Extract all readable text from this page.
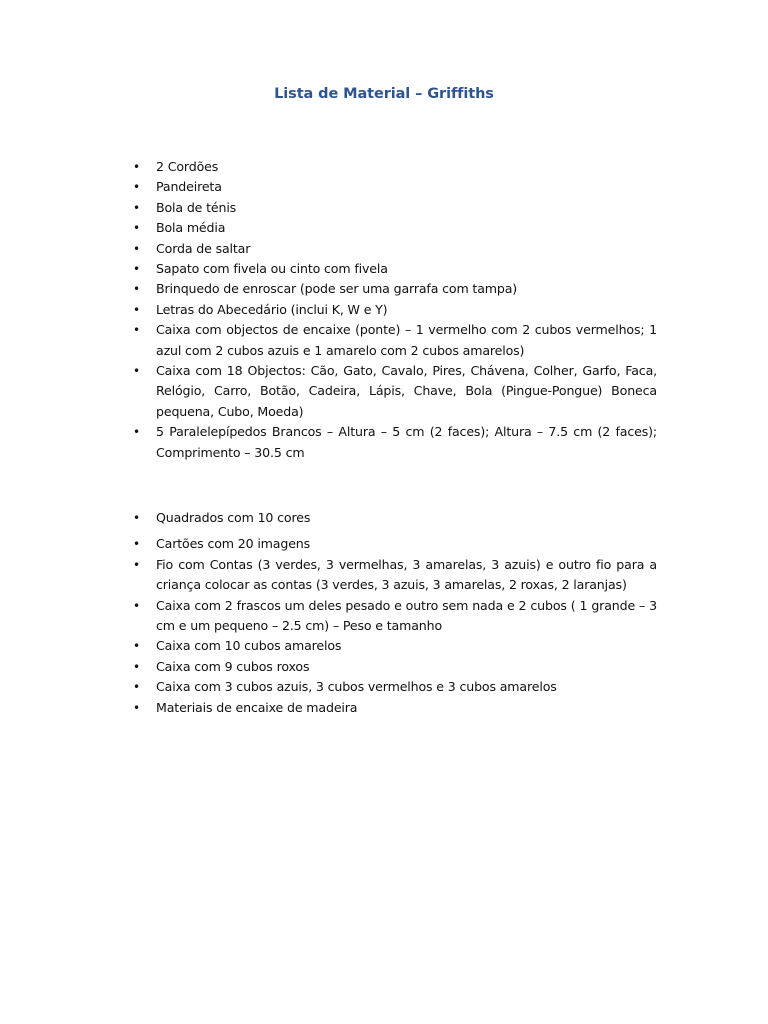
Lista de Material – Griffiths
• 2 Cordões
• Pandeireta
• Bola de ténis
• Bola média
• Corda de saltar
• Sapato com fivela ou cinto com fivela
• Brinquedo de enroscar (pode ser uma garrafa com tampa)
• Letras do Abecedário (inclui K, W e Y)
• Caixa com objectos de encaixe (ponte) – 1 vermelho com 2 cubos vermelhos; 1 azul com 2 cubos azuis e 1 amarelo com 2 cubos amarelos)
• Caixa com 18 Objectos: Cão, Gato, Cavalo, Pires, Chávena, Colher, Garfo, Faca, Relógio, Carro, Botão, Cadeira, Lápis, Chave, Bola (Pingue-Pongue) Boneca pequena, Cubo, Moeda)
• 5 Paralelepípedos Brancos – Altura – 5 cm (2 faces); Altura – 7.5 cm (2 faces); Comprimento – 30.5 cm
• Quadrados com 10 cores
• Cartões com 20 imagens
• Fio com Contas (3 verdes, 3 vermelhas, 3 amarelas, 3 azuis) e outro fio para a criança colocar as contas (3 verdes, 3 azuis, 3 amarelas, 2 roxas, 2 laranjas)
• Caixa com 2 frascos um deles pesado e outro sem nada e 2 cubos ( 1 grande – 3 cm e um pequeno – 2.5 cm) – Peso e tamanho
• Caixa com 10 cubos amarelos
• Caixa com 9 cubos roxos
• Caixa com 3 cubos azuis, 3 cubos vermelhos e 3 cubos amarelos
• Materiais de encaixe de madeira
